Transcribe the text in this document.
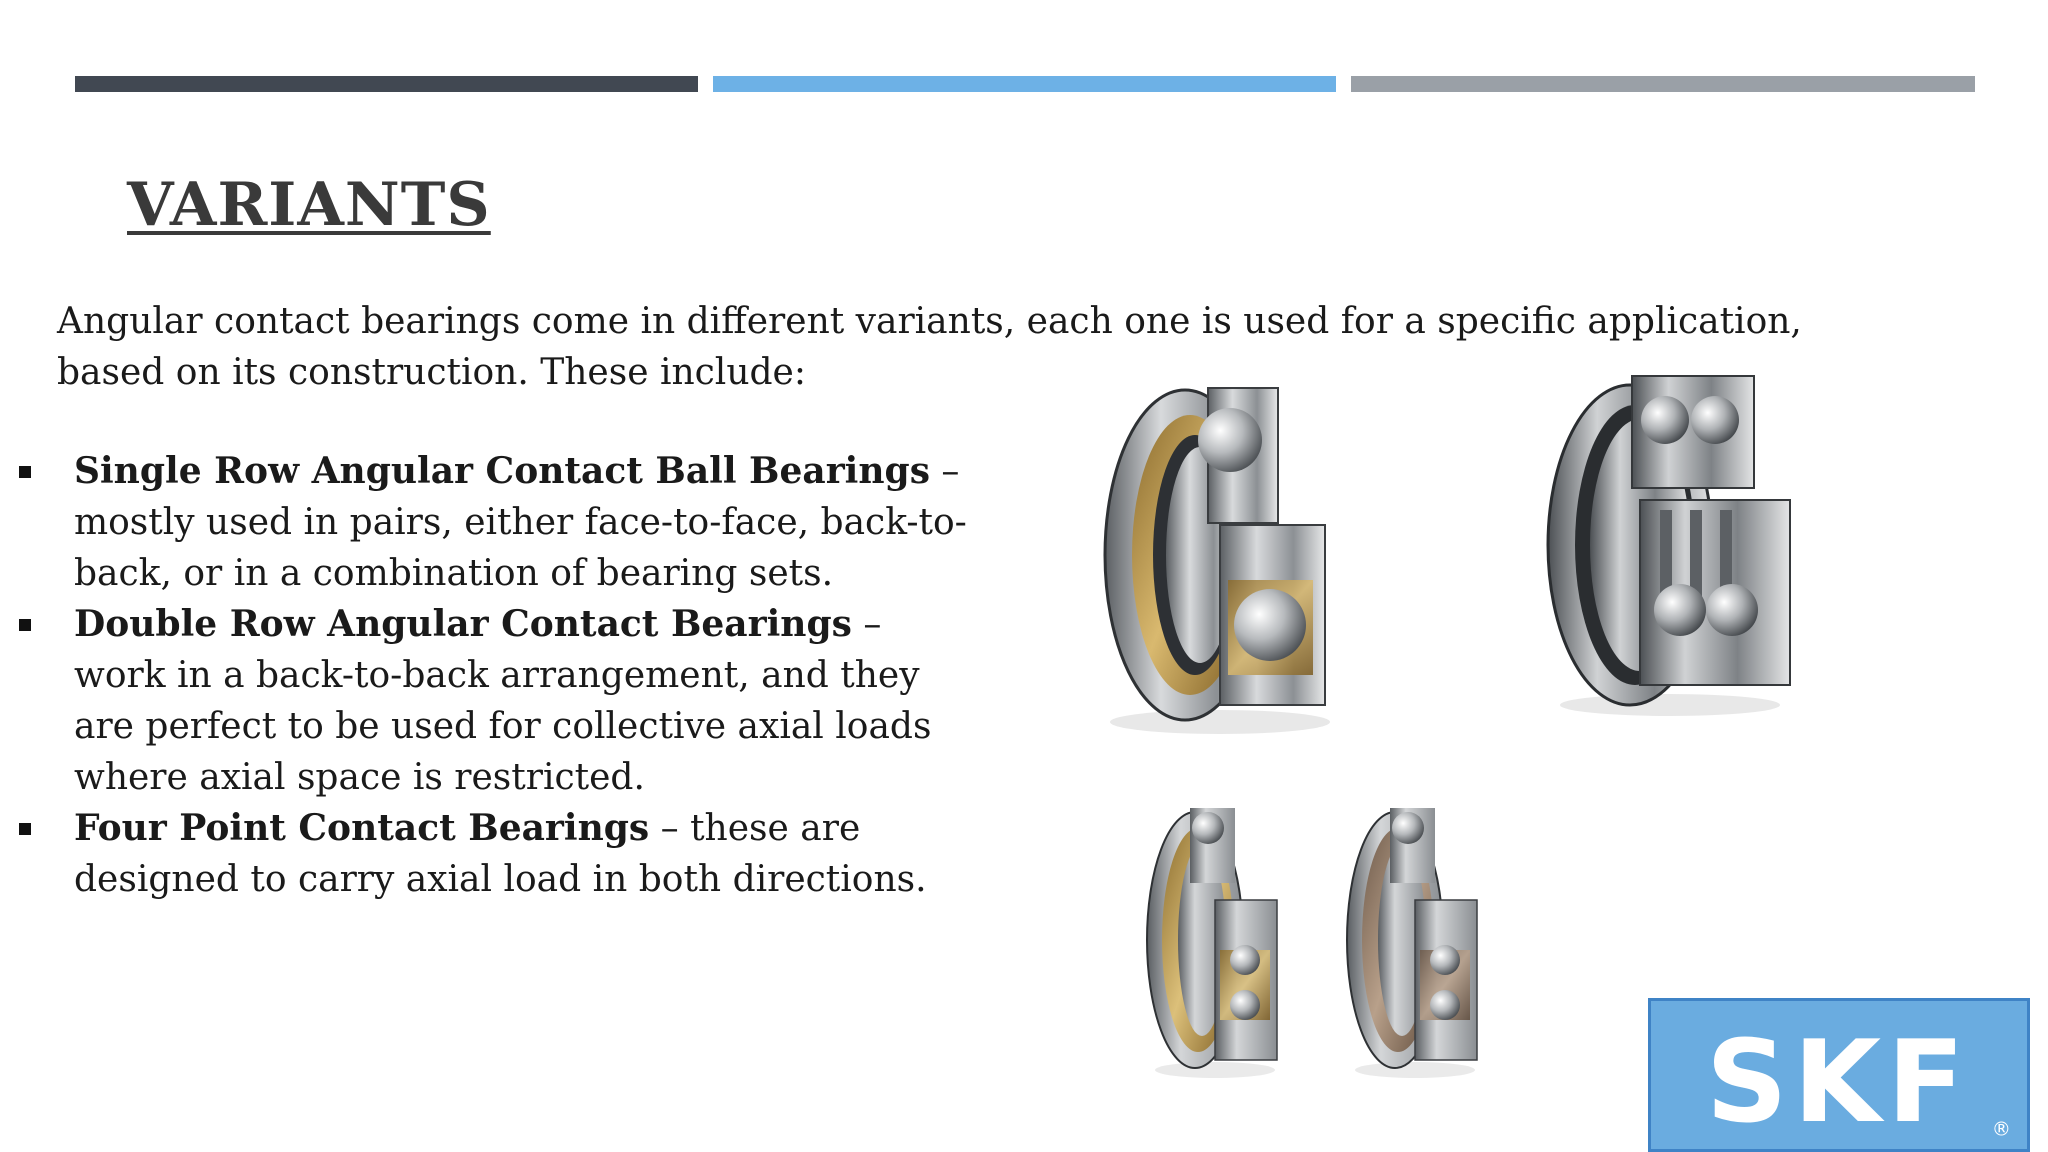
VARIANTS

Angular contact bearings come in different variants, each one is used for a specific application, based on its construction. These include:

Single Row Angular Contact Ball Bearings – mostly used in pairs, either face-to-face, back-to-back, or in a combination of bearing sets.
Double Row Angular Contact Bearings – work in a back-to-back arrangement, and they are perfect to be used for collective axial loads where axial space is restricted.
Four Point Contact Bearings – these are designed to carry axial load in both directions.
SKF ®
